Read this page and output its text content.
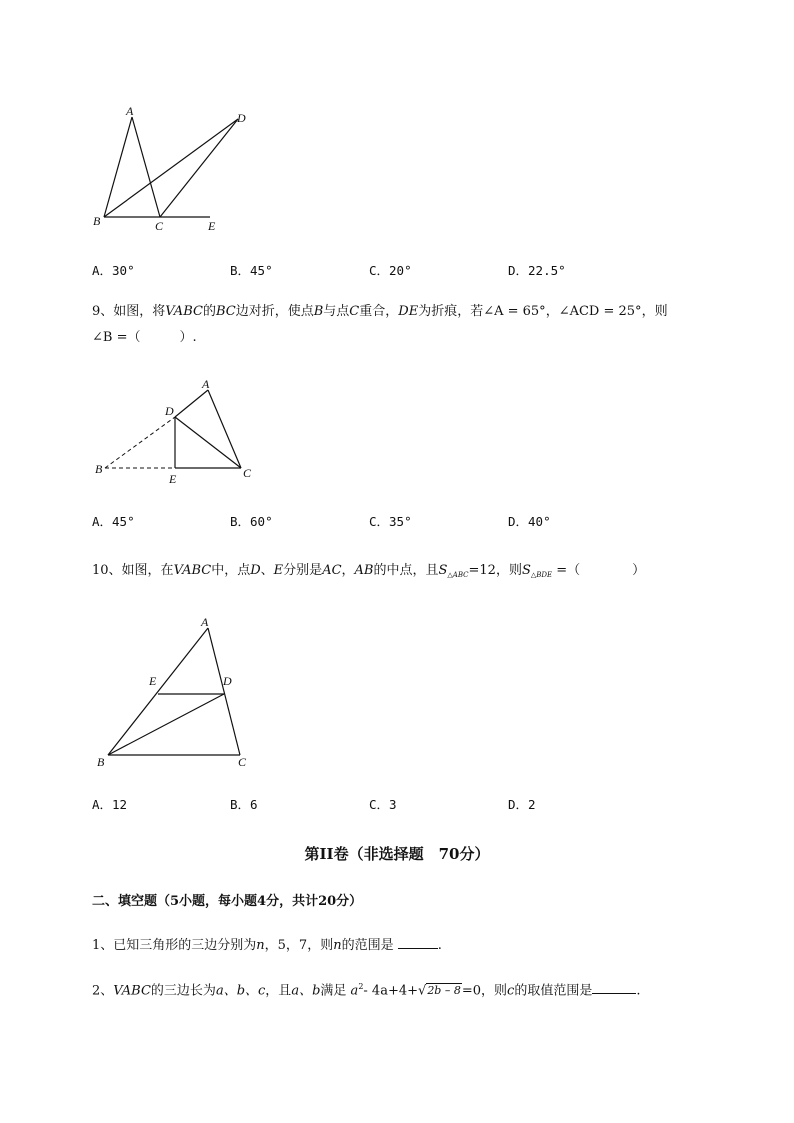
A
B	C
D
E
A．30°	B．45°	C．20°	D．22.5°
9、如图，将VABC的BC边对折，使点B与点C重合，DE为折痕，若∠A = 65°，∠ACD = 25°，则
∠B =（　　　）.
A
B	C
D
E
A．45°	B．60°	C．35°	D．40°
10、如图，在VABC中，点D、E分别是AC，AB的中点，且$S_{\triangle ABC}=12$，则$S_{\triangle BDE}$ =（　　　　）
A
B	C
D
E
A．12	B．6	C．3	D．2
第II卷（非选择题　70分）
二、填空题（5小题，每小题4分，共计20分）
1、已知三角形的三边分别为n，5，7，则n的范围是	.
2、VABC的三边长为a、b、c，且a、b满足 $a^2-$ 4a+4+√2b – 8=0，则c的取值范围是	.
